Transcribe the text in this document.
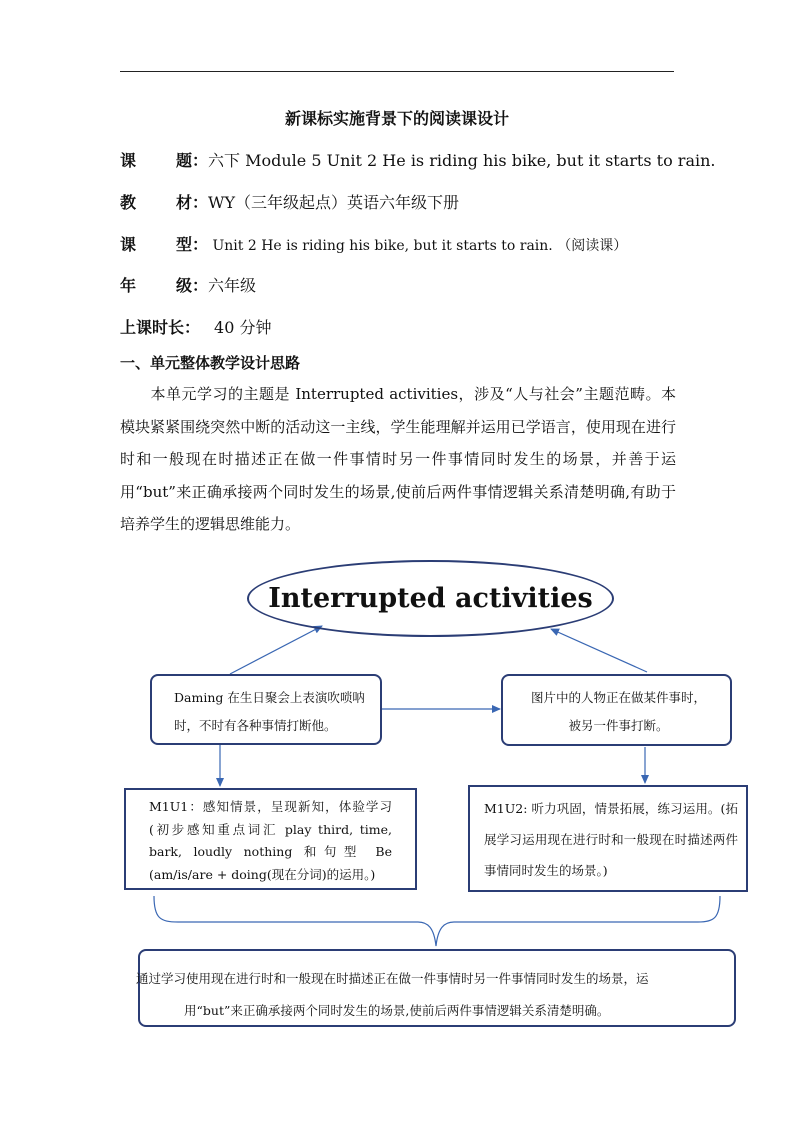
新课标实施背景下的阅读课设计
课 题：六下 Module 5 Unit 2 He is riding his bike, but it starts to rain.
教 材：WY（三年级起点）英语六年级下册
课 型： Unit 2 He is riding his bike, but it starts to rain. （阅读课）
年 级：六年级
上课时长： 40 分钟
一、单元整体教学设计思路
本单元学习的主题是 Interrupted activities，涉及“人与社会”主题范畴。本模块紧紧围绕突然中断的活动这一主线，学生能理解并运用已学语言，使用现在进行时和一般现在时描述正在做一件事情时另一件事情同时发生的场景，并善于运用“but”来正确承接两个同时发生的场景,使前后两件事情逻辑关系清楚明确,有助于培养学生的逻辑思维能力。
Interrupted activities
Daming 在生日聚会上表演吹唢呐时，不时有各种事情打断他。
图片中的人物正在做某件事时，被另一件事打断。
M1U1：感知情景，呈现新知，体验学习(初步感知重点词汇 play third, time, bark, loudly nothing 和句型 Be (am/is/are + doing(现在分词)的运用。)
M1U2: 听力巩固，情景拓展，练习运用。(拓展学习运用现在进行时和一般现在时描述两件事情同时发生的场景。)
通过学习使用现在进行时和一般现在时描述正在做一件事情时另一件事情同时发生的场景，运
用“but”来正确承接两个同时发生的场景,使前后两件事情逻辑关系清楚明确。
